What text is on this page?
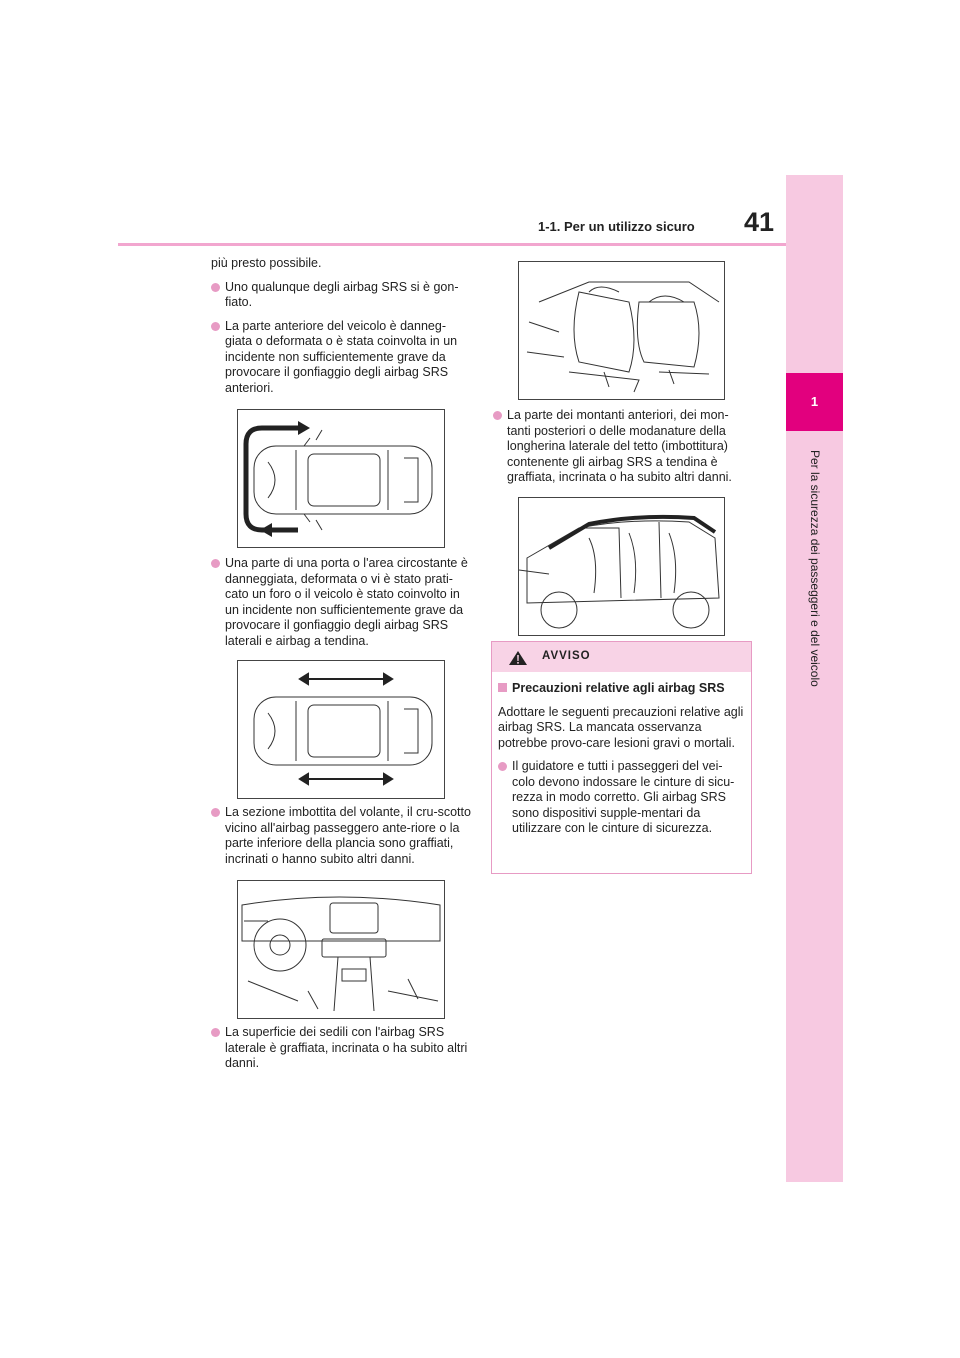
1-1. Per un utilizzo sicuro 41
1
Per la sicurezza dei passeggeri e del veicolo

più presto possibile.

Uno qualunque degli airbag SRS si è gon-fiato.
La parte anteriore del veicolo è danneg-giata o deformata o è stata coinvolta in un incidente non sufficientemente grave da provocare il gonfiaggio degli airbag SRS anteriori.
Una parte di una porta o l'area circostante è danneggiata, deformata o vi è stato prati-cato un foro o il veicolo è stato coinvolto in un incidente non sufficientemente grave da provocare il gonfiaggio degli airbag SRS laterali e airbag a tendina.
La sezione imbottita del volante, il cru-scotto vicino all'airbag passeggero ante-riore o la parte inferiore della plancia sono graffiati, incrinati o hanno subito altri danni.
La superficie dei sedili con l'airbag SRS laterale è graffiata, incrinata o ha subito altri danni.
La parte dei montanti anteriori, dei mon-tanti posteriori o delle modanature della longherina laterale del tetto (imbottitura) contenente gli airbag SRS a tendina è graffiata, incrinata o ha subito altri danni.
AVVISO

Precauzioni relative agli airbag SRS

Adottare le seguenti precauzioni relative agli airbag SRS. La mancata osservanza potrebbe provo-care lesioni gravi o mortali.

Il guidatore e tutti i passeggeri del vei-colo devono indossare le cinture di sicu-rezza in modo corretto. Gli airbag SRS sono dispositivi supple-mentari da utilizzare con le cinture di sicurezza.
